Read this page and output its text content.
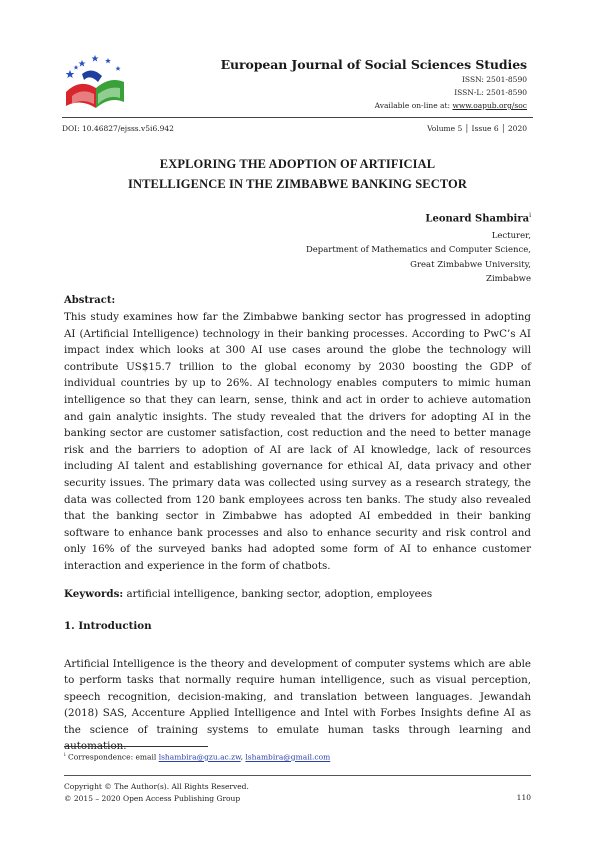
European Journal of Social Sciences Studies
ISSN: 2501-8590
ISSN-L: 2501-8590
Available on-line at: www.oapub.org/soc
DOI: 10.46827/ejsss.v5i6.942	Volume 5 │ Issue 6 │ 2020
EXPLORING THE ADOPTION OF ARTIFICIAL
INTELLIGENCE IN THE ZIMBABWE BANKING SECTOR
Leonard Shambira$^i$
Lecturer,
Department of Mathematics and Computer Science,
Great Zimbabwe University,
Zimbabwe
Abstract:
This study examines how far the Zimbabwe banking sector has progressed in adopting AI (Artificial Intelligence) technology in their banking processes. According to PwC’s AI impact index which looks at 300 AI use cases around the globe the technology will contribute US$15.7 trillion to the global economy by 2030 boosting the GDP of individual countries by up to 26%. AI technology enables computers to mimic human intelligence so that they can learn, sense, think and act in order to achieve automation and gain analytic insights. The study revealed that the drivers for adopting AI in the banking sector are customer satisfaction, cost reduction and the need to better manage risk and the barriers to adoption of AI are lack of AI knowledge, lack of resources including AI talent and establishing governance for ethical AI, data privacy and other security issues. The primary data was collected using survey as a research strategy, the data was collected from 120 bank employees across ten banks. The study also revealed that the banking sector in Zimbabwe has adopted AI embedded in their banking software to enhance bank processes and also to enhance security and risk control and only 16% of the surveyed banks had adopted some form of AI to enhance customer interaction and experience in the form of chatbots.
Keywords: artificial intelligence, banking sector, adoption, employees
1. Introduction
Artificial Intelligence is the theory and development of computer systems which are able to perform tasks that normally require human intelligence, such as visual perception, speech recognition, decision-making, and translation between languages. Jewandah (2018) SAS, Accenture Applied Intelligence and Intel with Forbes Insights define AI as the science of training systems to emulate human tasks through learning and automation.
$^i$ Correspondence: email lshambira@gzu.ac.zw, lshambira@gmail.com
Copyright © The Author(s). All Rights Reserved.
© 2015 – 2020 Open Access Publishing Group	110
